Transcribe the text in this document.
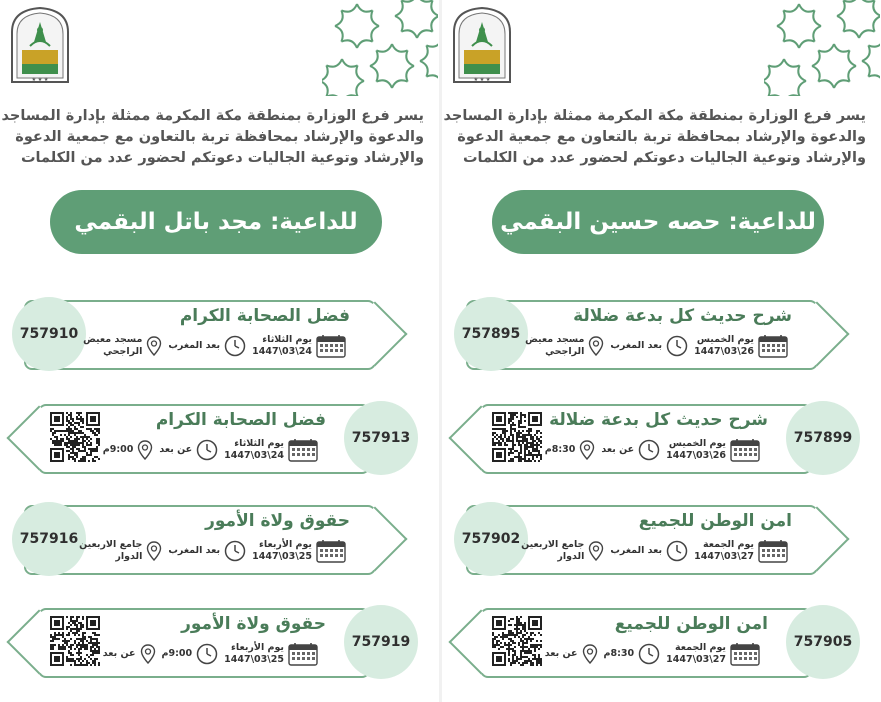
★ ★ ★
يسر فرع الوزارة بمنطقة مكة المكرمة ممثلة بإدارة المساجد
والدعوة والإرشاد بمحافظة تربة بالتعاون مع جمعية الدعوة
والإرشاد وتوعية الجاليات دعوتكم لحضور عدد من الكلمات
للداعية: مجد باتل البقمي
757910
فضل الصحابة الكرام
يوم الثلاثاء
24\03\1447
بعد المغرب
مسجد معيض
الراجحي
757913
فضل الصحابة الكرام
يوم الثلاثاء
24\03\1447
عن بعد
9:00م
757916
حقوق ولاة الأمور
يوم الأربعاء
25\03\1447
بعد المغرب
جامع الاربعين
الدوار
757919
حقوق ولاة الأمور
يوم الأربعاء
25\03\1447
9:00م
عن بعد
★ ★ ★
يسر فرع الوزارة بمنطقة مكة المكرمة ممثلة بإدارة المساجد
والدعوة والإرشاد بمحافظة تربة بالتعاون مع جمعية الدعوة
والإرشاد وتوعية الجاليات دعوتكم لحضور عدد من الكلمات
للداعية: حصه حسين البقمي
757895
شرح حديث كل بدعة ضلالة
يوم الخميس
26\03\1447
بعد المغرب
مسجد معيض
الراجحي
757899
شرح حديث كل بدعة ضلالة
يوم الخميس
26\03\1447
عن بعد
8:30م
757902
امن الوطن للجميع
يوم الجمعة
27\03\1447
بعد المغرب
جامع الاربعين
الدوار
757905
امن الوطن للجميع
يوم الجمعة
27\03\1447
8:30م
عن بعد
